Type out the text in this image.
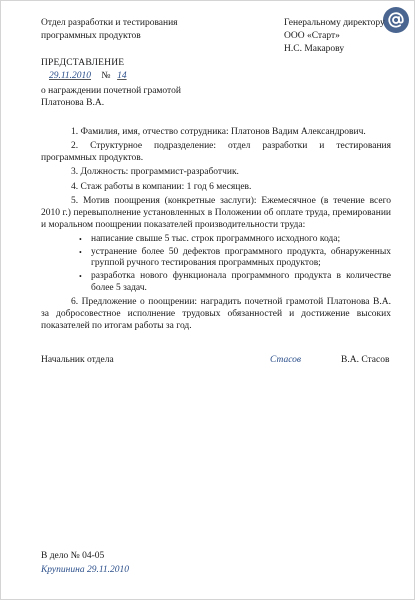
Отдел разработки и тестирования
программных продуктов
Генеральному директору
ООО «Старт»
Н.С. Макарову
ПРЕДСТАВЛЕНИЕ
29.11.2010 № 14
о награждении почетной грамотой
Платонова В.А.

1. Фамилия, имя, отчество сотрудника: Платонов Вадим Александрович.

2. Структурное подразделение: отдел разработки и тестирования программных продуктов.

3. Должность: программист-разработчик.

4. Стаж работы в компании: 1 год 6 месяцев.

5. Мотив поощрения (конкретные заслуги): Ежемесячное (в течение всего 2010 г.) перевыполнение установленных в Положении об оплате труда, премировании и моральном поощрении показателей производительности труда:

• написание свыше 5 тыс. строк программного исходного кода;
• устранение более 50 дефектов программного продукта, обнаруженных группой ручного тестирования программных продуктов;
• разработка нового функционала программного продукта в количестве более 5 задач.

6. Предложение о поощрении: наградить почетной грамотой Платонова В.А. за добросовестное исполнение трудовых обязанностей и достижение высоких показателей по итогам работы за год.

Начальник отдела	Стасов	В.А. Стасов
В дело № 04-05
Крупинина 29.11.2010
